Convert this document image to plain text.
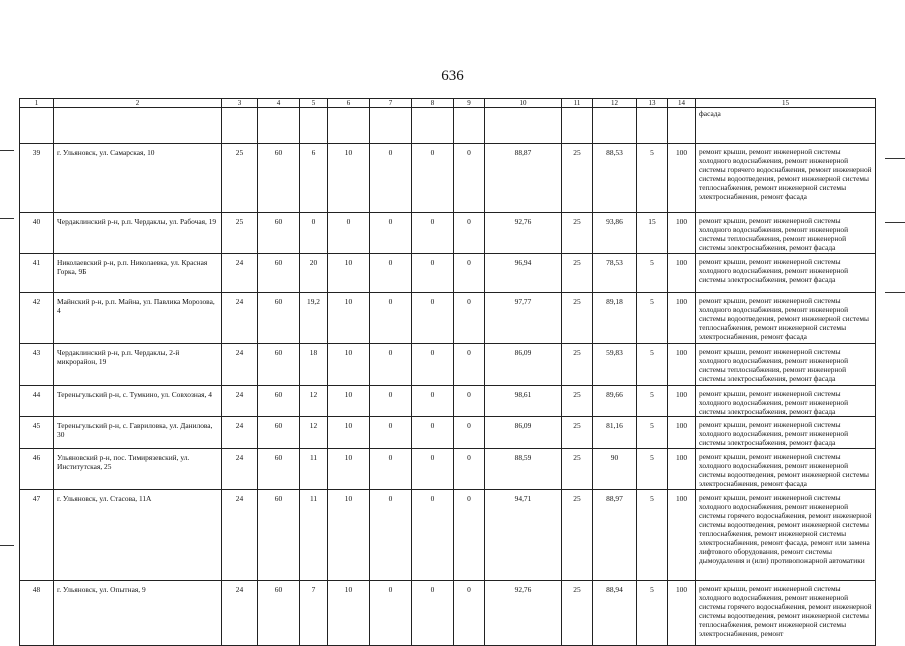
636
1	2	3	4	5	6	7	8	9	10	11	12	13	14	15
														фасада
39	г. Ульяновск, ул. Самарская, 10	25	60	6	10	0	0	0	88,87	25	88,53	5	100	ремонт крыши, ремонт инженерной системы холодного водоснабжения, ремонт инженерной системы горячего водоснабжения, ремонт инженерной системы водоотведения, ремонт инженерной системы теплоснабжения, ремонт инженерной системы электроснабжения, ремонт фасада
40	Чердаклинский р-н, р.п. Чердаклы, ул. Рабочая, 19	25	60	0	0	0	0	0	92,76	25	93,86	15	100	ремонт крыши, ремонт инженерной системы холодного водоснабжения, ремонт инженерной системы теплоснабжения, ремонт инженерной системы электроснабжения, ремонт фасада
41	Николаевский р-н, р.п. Николаевка, ул. Красная Горка, 9Б	24	60	20	10	0	0	0	96,94	25	78,53	5	100	ремонт крыши, ремонт инженерной системы холодного водоснабжения, ремонт инженерной системы электроснабжения, ремонт фасада
42	Майнский р-н, р.п. Майна, ул. Павлика Морозова, 4	24	60	19,2	10	0	0	0	97,77	25	89,18	5	100	ремонт крыши, ремонт инженерной системы холодного водоснабжения, ремонт инженерной системы водоотведения, ремонт инженерной системы теплоснабжения, ремонт инженерной системы электроснабжения, ремонт фасада
43	Чердаклинский р-н, р.п. Чердаклы, 2-й микрорайон, 19	24	60	18	10	0	0	0	86,09	25	59,83	5	100	ремонт крыши, ремонт инженерной системы холодного водоснабжения, ремонт инженерной системы теплоснабжения, ремонт инженерной системы электроснабжения, ремонт фасада
44	Тереньгульский р-н, с. Тумкино, ул. Совхозная, 4	24	60	12	10	0	0	0	98,61	25	89,66	5	100	ремонт крыши, ремонт инженерной системы холодного водоснабжения, ремонт инженерной системы электроснабжения, ремонт фасада
45	Тереньгульский р-н, с. Гавриловка, ул. Данилова, 30	24	60	12	10	0	0	0	86,09	25	81,16	5	100	ремонт крыши, ремонт инженерной системы холодного водоснабжения, ремонт инженерной системы электроснабжения, ремонт фасада
46	Ульяновский р-н, пос. Тимирязевский, ул. Институтская, 25	24	60	11	10	0	0	0	88,59	25	90	5	100	ремонт крыши, ремонт инженерной системы холодного водоснабжения, ремонт инженерной системы водоотведения, ремонт инженерной системы электроснабжения, ремонт фасада
47	г. Ульяновск, ул. Стасова, 11А	24	60	11	10	0	0	0	94,71	25	88,97	5	100	ремонт крыши, ремонт инженерной системы холодного водоснабжения, ремонт инженерной системы горячего водоснабжения, ремонт инженерной системы водоотведения, ремонт инженерной системы теплоснабжения, ремонт инженерной системы электроснабжения, ремонт фасада, ремонт или замена лифтового оборудования, ремонт системы дымоудаления и (или) противопожарной автоматики
48	г. Ульяновск, ул. Опытная, 9	24	60	7	10	0	0	0	92,76	25	88,94	5	100	ремонт крыши, ремонт инженерной системы холодного водоснабжения, ремонт инженерной системы горячего водоснабжения, ремонт инженерной системы водоотведения, ремонт инженерной системы теплоснабжения, ремонт инженерной системы электроснабжения, ремонт
